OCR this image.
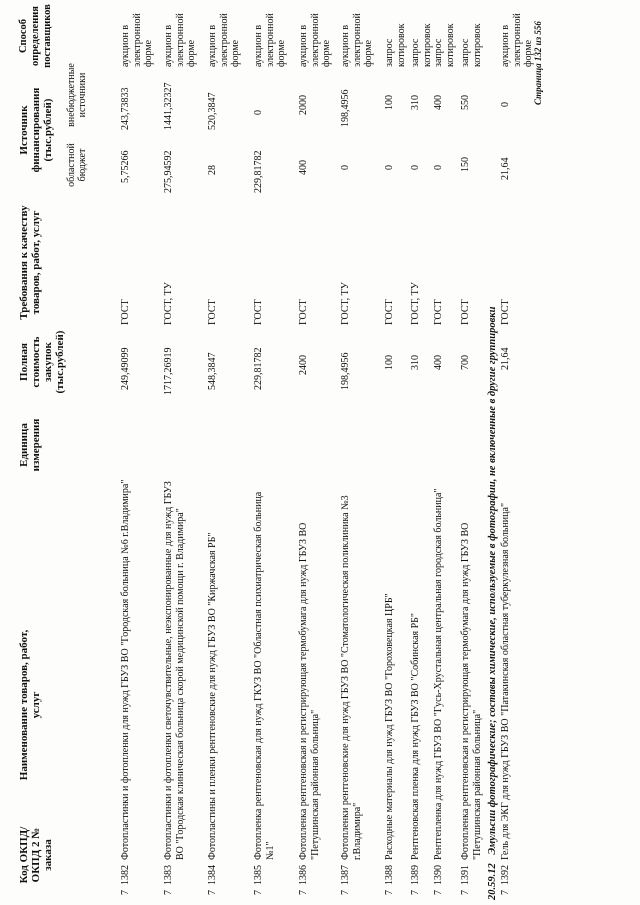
Код ОКПД/ ОКПД 2 № заказа
Наименование товаров, работ, услуг
Единица измерения
Полная стоимость закупок (тыс.рублей)
Требования к качеству товаров, работ, услуг
Источник финансирования (тыс.рублей)
областной бюджет
внебюджетные источники
Способ определения поставщиков
7
1382
Фотопластинки и фотопленки для нужд ГБУЗ ВО "Городская больница №6 г.Владимира"
249,49099
ГОСТ
5,75266
243,73833
аукцион в электронной форме
7
1383
Фотопластинки и фотопленки светочувствительные, неэкспонированные для нужд ГБУЗ ВО "Городская клиническая больница скорой медицинской помощи г. Владимира"
1717,26919
ГОСТ, ТУ
275,94592
1441,32327
аукцион в электронной форме
7
1384
Фотопластины и пленки рентгеновские для нужд ГБУЗ ВО "Киржачская РБ"
548,3847
ГОСТ
28
520,3847
аукцион в электронной форме
7
1385
Фотопленка рентгеновская для нужд ГКУЗ ВО "Областная психиатрическая больница №1"
229,81782
ГОСТ
229,81782
0
аукцион в электронной форме
7
1386
Фотопленка рентгеновская и регистрирующая термобумага для нужд ГБУЗ ВО "Петушинская районная больница"
2400
ГОСТ
400
2000
аукцион в электронной форме
7
1387
Фотопленки рентгеновские для нужд ГБУЗ ВО "Стоматологическая поликлиника №3 г.Владимира"
198,4956
ГОСТ, ТУ
0
198,4956
аукцион в электронной форме
7
1388
Расходные материалы для нужд ГБУЗ ВО "Гороховецкая ЦРБ"
100
ГОСТ
0
100
запрос котировок
7
1389
Рентгеновская пленка для нужд ГБУЗ ВО "Собинская РБ"
310
ГОСТ, ТУ
0
310
запрос котировок
7
1390
Рентгепленка для нужд ГБУЗ ВО "Гусь-Хрустальная центральная городская больница"
400
ГОСТ
0
400
запрос котировок
7
1391
Фотопленка рентгеновская и регистрирующая термобумага для нужд ГБУЗ ВО "Петушинская районная больница"
700
ГОСТ
150
550
запрос котировок
20.59.12 Эмульсии фотографические; составы химические, используемые в фотографии, не включенные в другие группировки
7
1392
Гель для ЭКГ для нужд ГБУЗ ВО "Патакинская областная туберкулезная больница"
21,64
ГОСТ
21,64
0
аукцион в электронной форме Страница 132 из 556
